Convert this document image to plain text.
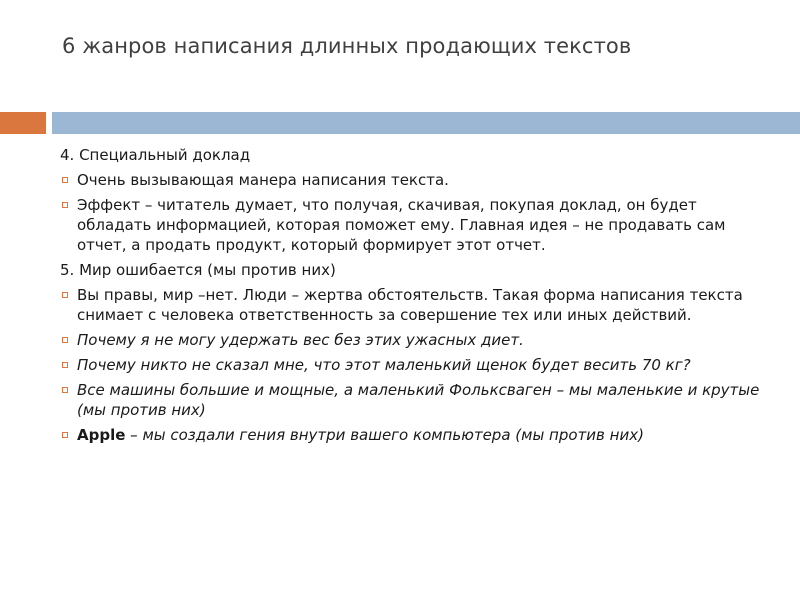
6 жанров написания длинных продающих текстов
4. Специальный доклад
Очень вызывающая манера написания текста.
Эффект – читатель думает, что получая, скачивая, покупая доклад, он будет обладать информацией, которая поможет ему. Главная идея – не продавать сам отчет, а продать продукт, который формирует этот отчет.
5. Мир ошибается (мы против них)
Вы правы, мир –нет. Люди – жертва обстоятельств. Такая форма написания текста снимает с человека ответственность за совершение тех или иных действий.
Почему я не могу удержать вес без этих ужасных диет.
Почему никто не сказал мне, что этот маленький щенок будет весить 70 кг?
Все машины большие и мощные, а маленький Фольксваген – мы маленькие и крутые (мы против них)
Apple – мы создали гения внутри вашего компьютера (мы против них)
